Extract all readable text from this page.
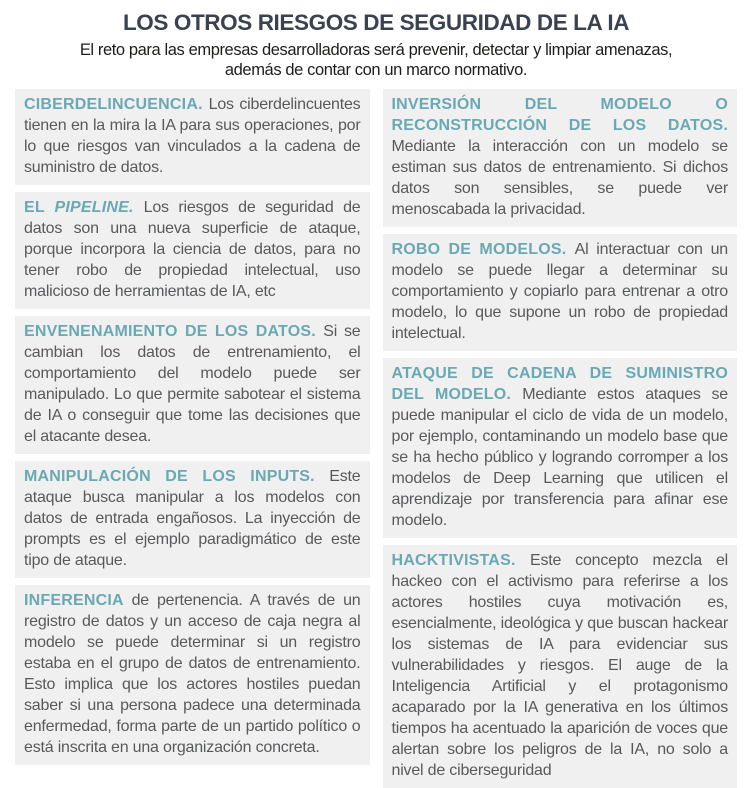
LOS OTROS RIESGOS DE SEGURIDAD DE LA IA
El reto para las empresas desarrolladoras será prevenir, detectar y limpiar amenazas,
además de contar con un marco normativo.

CIBERDELINCUENCIA. Los ciberdelincuentes tienen en la mira la IA para sus operaciones, por lo que riesgos van vinculados a la cadena de suministro de datos.

EL PIPELINE. Los riesgos de seguridad de datos son una nueva superficie de ataque, porque incorpora la ciencia de datos, para no tener robo de propiedad intelectual, uso malicioso de herramientas de IA, etc

ENVENENAMIENTO DE LOS DATOS. Si se cambian los datos de entrenamiento, el comportamiento del modelo puede ser manipulado. Lo que permite sabotear el sistema de IA o conseguir que tome las decisiones que el atacante desea.

MANIPULACIÓN DE LOS INPUTS. Este ataque busca manipular a los modelos con datos de entrada engañosos. La inyección de prompts es el ejemplo paradigmático de este tipo de ataque.

INFERENCIA de pertenencia. A través de un registro de datos y un acceso de caja negra al modelo se puede determinar si un registro estaba en el grupo de datos de entrenamiento. Esto implica que los actores hostiles puedan saber si una persona padece una determinada enfermedad, forma parte de un partido político o está inscrita en una organización concreta.

INVERSIÓN DEL MODELO O RECONSTRUCCIÓN DE LOS DATOS. Mediante la interacción con un modelo se estiman sus datos de entrenamiento. Si dichos datos son sensibles, se puede ver menoscabada la privacidad.

ROBO DE MODELOS. Al interactuar con un modelo se puede llegar a determinar su comportamiento y copiarlo para entrenar a otro modelo, lo que supone un robo de propiedad intelectual.

ATAQUE DE CADENA DE SUMINISTRO DEL MODELO. Mediante estos ataques se puede manipular el ciclo de vida de un modelo, por ejemplo, contaminando un modelo base que se ha hecho público y logrando corromper a los modelos de Deep Learning que utilicen el aprendizaje por transferencia para afinar ese modelo.

HACKTIVISTAS. Este concepto mezcla el hackeo con el activismo para referirse a los actores hostiles cuya motivación es, esencialmente, ideológica y que buscan hackear los sistemas de IA para evidenciar sus vulnerabilidades y riesgos. El auge de la Inteligencia Artificial y el protagonismo acaparado por la IA generativa en los últimos tiempos ha acentuado la aparición de voces que alertan sobre los peligros de la IA, no solo a nivel de ciberseguridad
